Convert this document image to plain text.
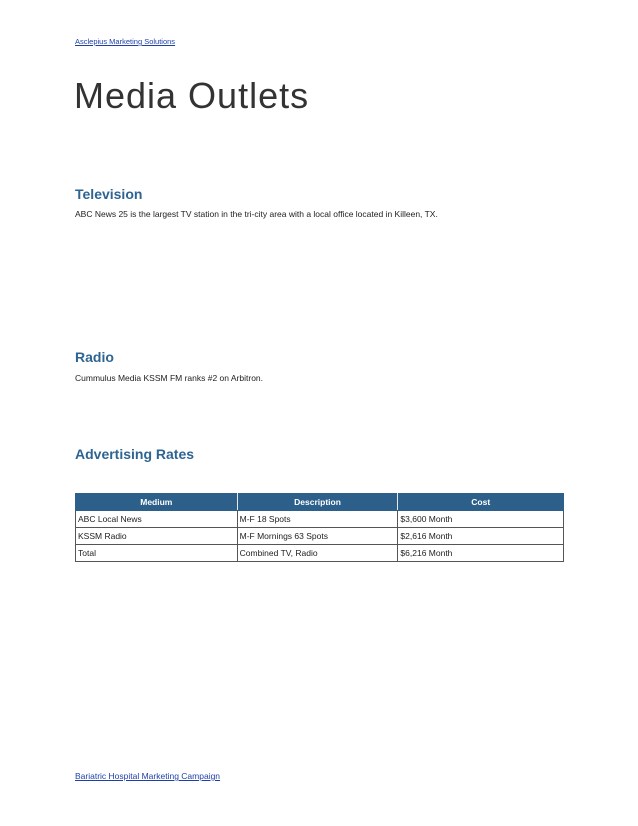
Asclepius Marketing Solutions
Media Outlets
Television

ABC News 25 is the largest TV station in the tri-city area with a local office located in Killeen, TX.

Radio

Cummulus Media KSSM FM ranks #2 on Arbitron.

Advertising Rates
Medium	Description	Cost
ABC Local News	M-F 18 Spots	$3,600 Month
KSSM Radio	M-F Mornings 63 Spots	$2,616 Month
Total	Combined TV, Radio	$6,216 Month
Bariatric Hospital Marketing Campaign
